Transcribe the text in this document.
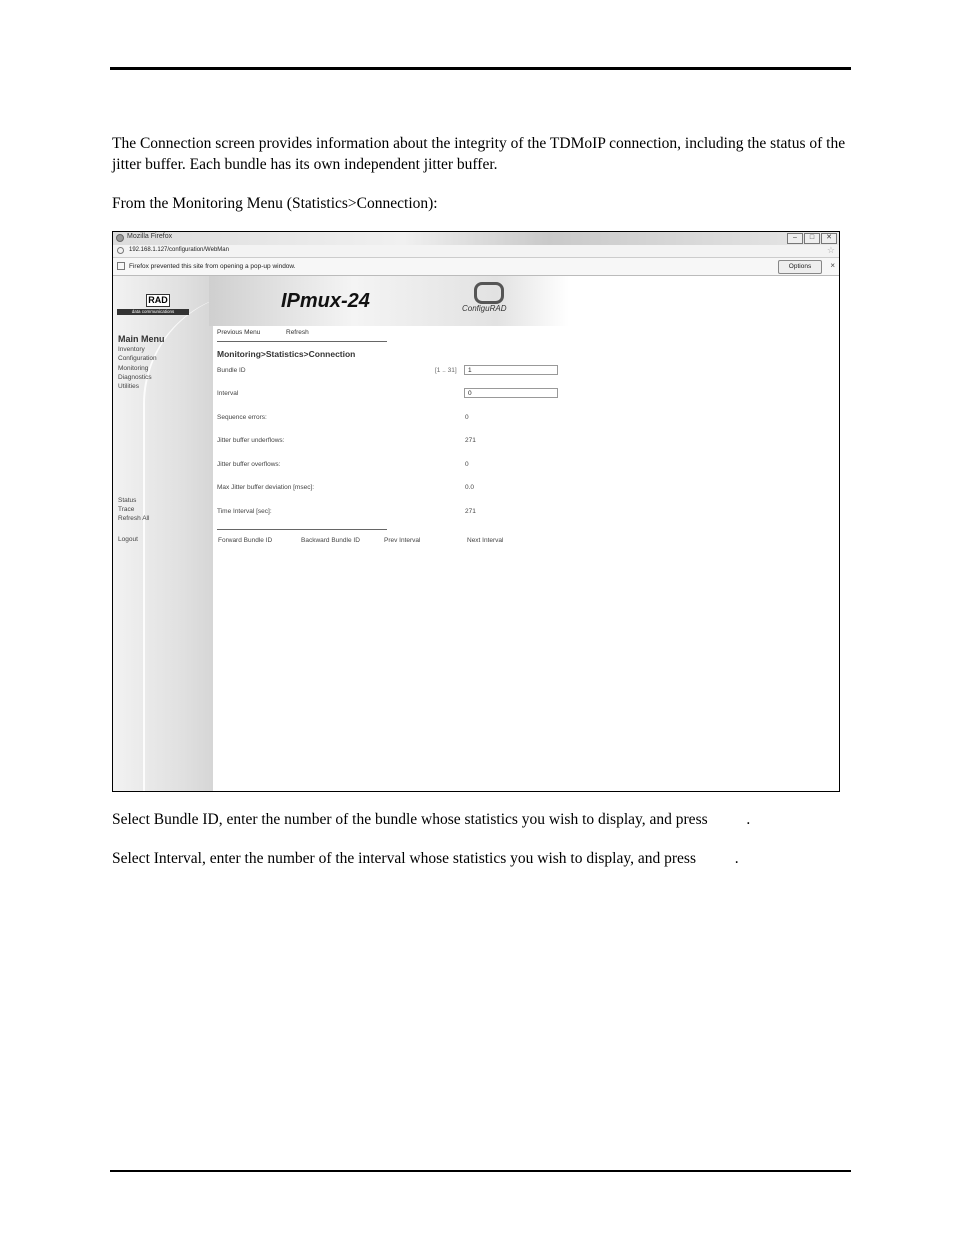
The Connection screen provides information about the integrity of the TDMoIP connection, including the status of the jitter buffer. Each bundle has its own independent jitter buffer.
From the Monitoring Menu (Statistics>Connection):
Mozilla Firefox	–	□	✕
192.168.1.127/configuration/WebMan	☆
Firefox prevented this site from opening a pop-up window.	Options	×
RAD
data communications	IPmux-24	ConfiguRAD
Previous Menu	Refresh
Main Menu
Inventory
Configuration
Monitoring
Diagnostics
Utilities
Status
Trace
Refresh All
Logout
Monitoring>Statistics>Connection
Bundle ID	[1 .. 31]	1
Interval	0
Sequence errors:	0
Jitter buffer underflows:	271
Jitter buffer overflows:	0
Max Jitter buffer deviation [msec]:	0.0
Time Interval [sec]:	271
Forward Bundle ID	Backward Bundle ID	Prev Interval	Next Interval
Select Bundle ID, enter the number of the bundle whose statistics you wish to display, and press          .
Select Interval, enter the number of the interval whose statistics you wish to display, and press          .
